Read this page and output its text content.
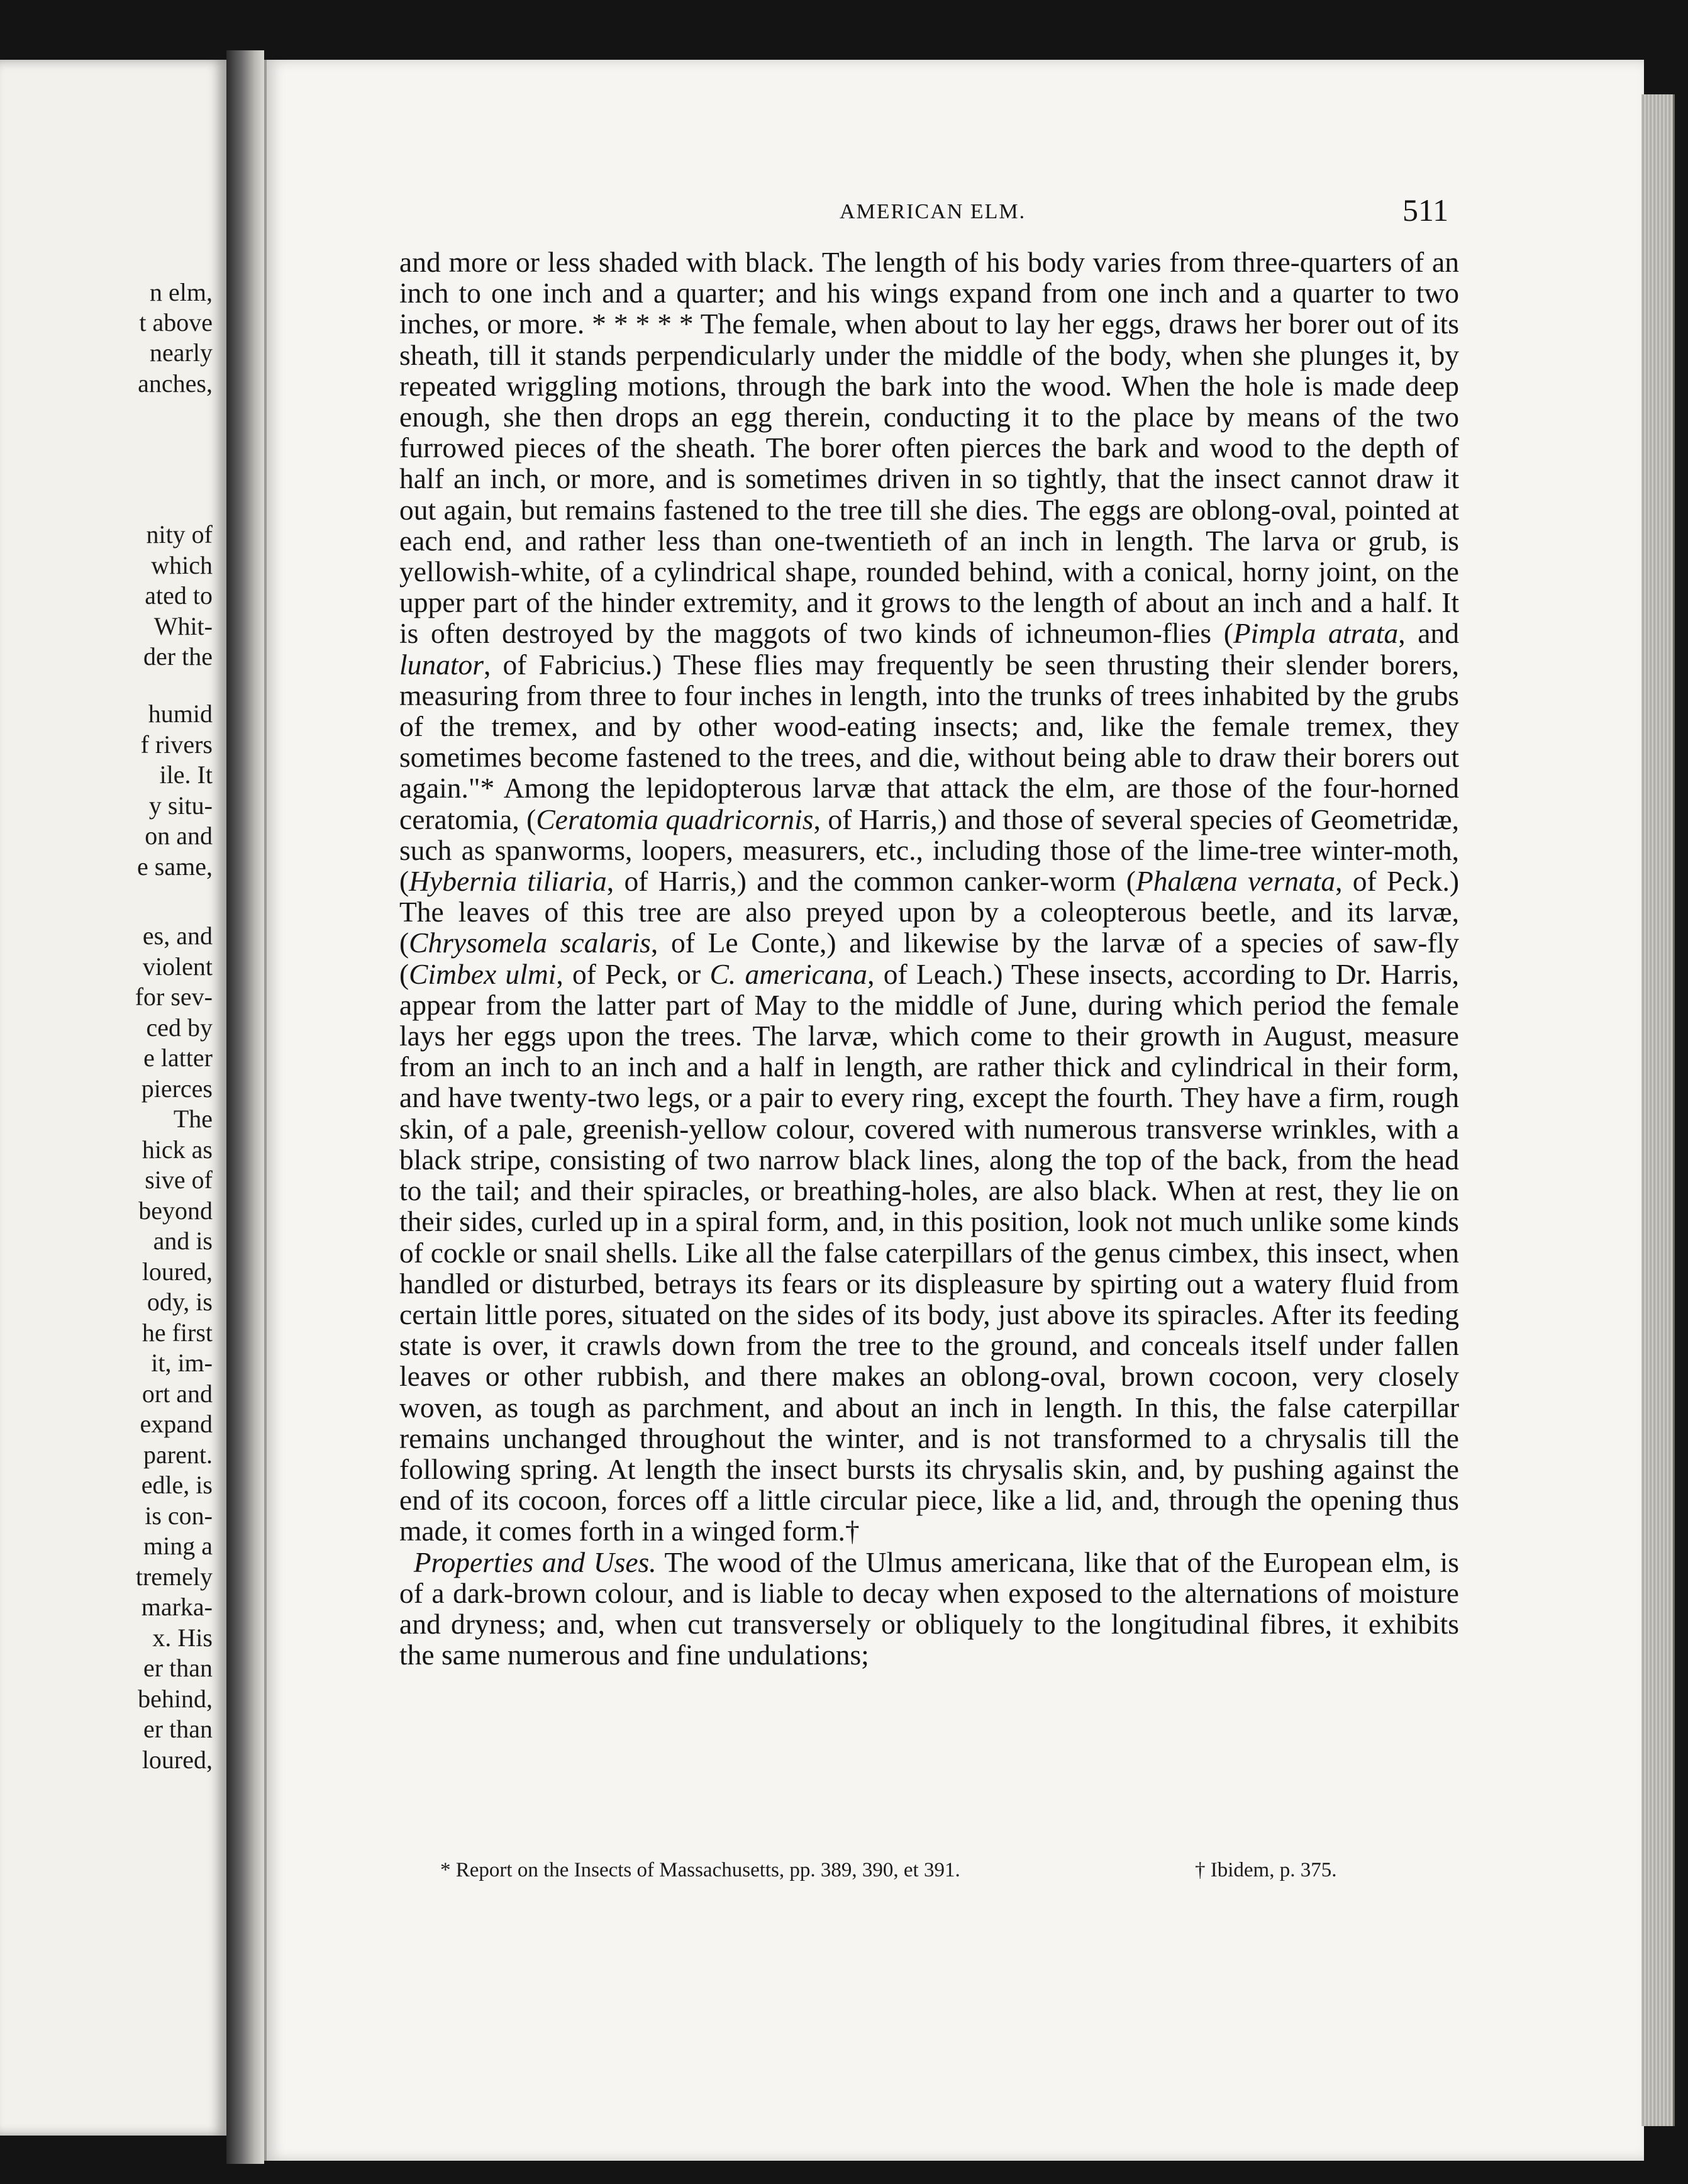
n elm,
t above
nearly
anches,
nity of
which
ated to
Whit-
der the
humid
f rivers
ile. It
y situ-
on and
e same,
es, and
violent
for sev-
ced by
e latter
pierces
The
hick as
sive of
beyond
and is
loured,
ody, is
he first
it, im-
ort and
expand
parent.
edle, is
is con-
ming a
tremely
marka-
x. His
er than
behind,
er than
loured,
AMERICAN ELM.	511

and more or less shaded with black. The length of his body varies from three-quarters of an inch to one inch and a quarter; and his wings expand from one inch and a quarter to two inches, or more. * * * * * The female, when about to lay her eggs, draws her borer out of its sheath, till it stands perpendicularly under the middle of the body, when she plunges it, by repeated wriggling motions, through the bark into the wood. When the hole is made deep enough, she then drops an egg therein, conducting it to the place by means of the two furrowed pieces of the sheath. The borer often pierces the bark and wood to the depth of half an inch, or more, and is sometimes driven in so tightly, that the insect cannot draw it out again, but remains fastened to the tree till she dies. The eggs are oblong-oval, pointed at each end, and rather less than one-twentieth of an inch in length. The larva or grub, is yellowish-white, of a cylindrical shape, rounded behind, with a conical, horny joint, on the upper part of the hinder extremity, and it grows to the length of about an inch and a half. It is often destroyed by the maggots of two kinds of ichneumon-flies (Pimpla atrata, and lunator, of Fabricius.) These flies may frequently be seen thrusting their slender borers, measuring from three to four inches in length, into the trunks of trees inhabited by the grubs of the tremex, and by other wood-eating insects; and, like the female tremex, they sometimes become fastened to the trees, and die, without being able to draw their borers out again."* Among the lepidopterous larvæ that attack the elm, are those of the four-horned ceratomia, (Ceratomia quadricornis, of Harris,) and those of several species of Geometridæ, such as spanworms, loopers, measurers, etc., including those of the lime-tree winter-moth, (Hybernia tiliaria, of Harris,) and the common canker-worm (Phalæna vernata, of Peck.) The leaves of this tree are also preyed upon by a coleopterous beetle, and its larvæ, (Chrysomela scalaris, of Le Conte,) and likewise by the larvæ of a species of saw-fly (Cimbex ulmi, of Peck, or C. americana, of Leach.) These insects, according to Dr. Harris, appear from the latter part of May to the middle of June, during which period the female lays her eggs upon the trees. The larvæ, which come to their growth in August, measure from an inch to an inch and a half in length, are rather thick and cylindrical in their form, and have twenty-two legs, or a pair to every ring, except the fourth. They have a firm, rough skin, of a pale, greenish-yellow colour, covered with numerous transverse wrinkles, with a black stripe, consisting of two narrow black lines, along the top of the back, from the head to the tail; and their spiracles, or breathing-holes, are also black. When at rest, they lie on their sides, curled up in a spiral form, and, in this position, look not much unlike some kinds of cockle or snail shells. Like all the false caterpillars of the genus cimbex, this insect, when handled or disturbed, betrays its fears or its displeasure by spirting out a watery fluid from certain little pores, situated on the sides of its body, just above its spiracles. After its feeding state is over, it crawls down from the tree to the ground, and conceals itself under fallen leaves or other rubbish, and there makes an oblong-oval, brown cocoon, very closely woven, as tough as parchment, and about an inch in length. In this, the false caterpillar remains unchanged throughout the winter, and is not transformed to a chrysalis till the following spring. At length the insect bursts its chrysalis skin, and, by pushing against the end of its cocoon, forces off a little circular piece, like a lid, and, through the opening thus made, it comes forth in a winged form.†

Properties and Uses. The wood of the Ulmus americana, like that of the European elm, is of a dark-brown colour, and is liable to decay when exposed to the alternations of moisture and dryness; and, when cut transversely or obliquely to the longitudinal fibres, it exhibits the same numerous and fine undulations;

* Report on the Insects of Massachusetts, pp. 389, 390, et 391.	† Ibidem, p. 375.
